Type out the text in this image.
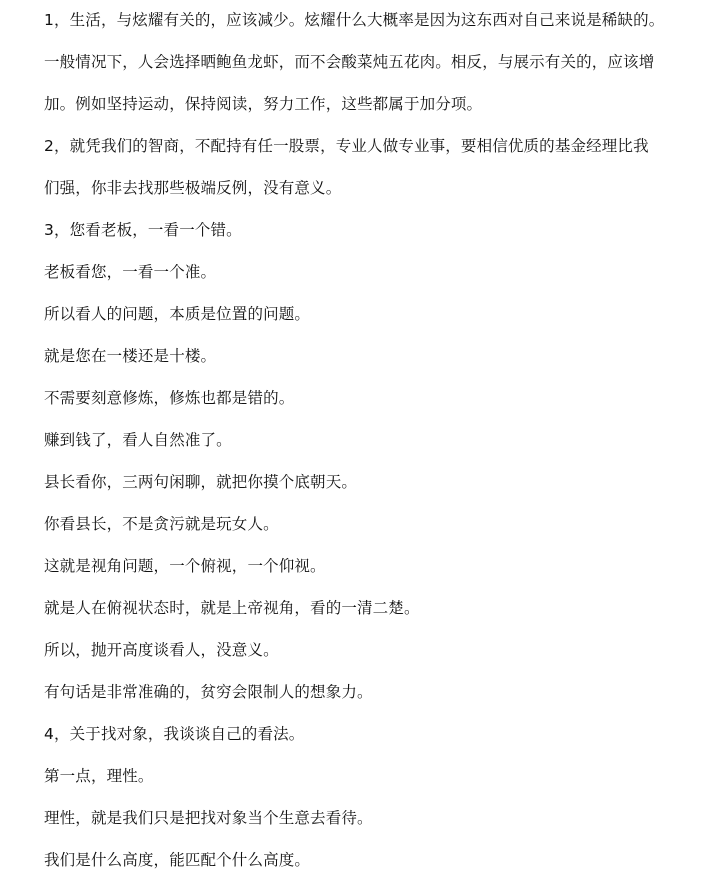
1，生活，与炫耀有关的，应该减少。炫耀什么大概率是因为这东西对自己来说是稀缺的。
一般情况下，人会选择晒鲍鱼龙虾，而不会酸菜炖五花肉。相反，与展示有关的，应该增
加。例如坚持运动，保持阅读，努力工作，这些都属于加分项。
2，就凭我们的智商，不配持有任一股票，专业人做专业事，要相信优质的基金经理比我
们强，你非去找那些极端反例，没有意义。
3，您看老板，一看一个错。
老板看您，一看一个准。
所以看人的问题，本质是位置的问题。
就是您在一楼还是十楼。
不需要刻意修炼，修炼也都是错的。
赚到钱了，看人自然准了。
县长看你，三两句闲聊，就把你摸个底朝天。
你看县长，不是贪污就是玩女人。
这就是视角问题，一个俯视，一个仰视。
就是人在俯视状态时，就是上帝视角，看的一清二楚。
所以，抛开高度谈看人，没意义。
有句话是非常准确的，贫穷会限制人的想象力。
4，关于找对象，我谈谈自己的看法。
第一点，理性。
理性，就是我们只是把找对象当个生意去看待。
我们是什么高度，能匹配个什么高度。
